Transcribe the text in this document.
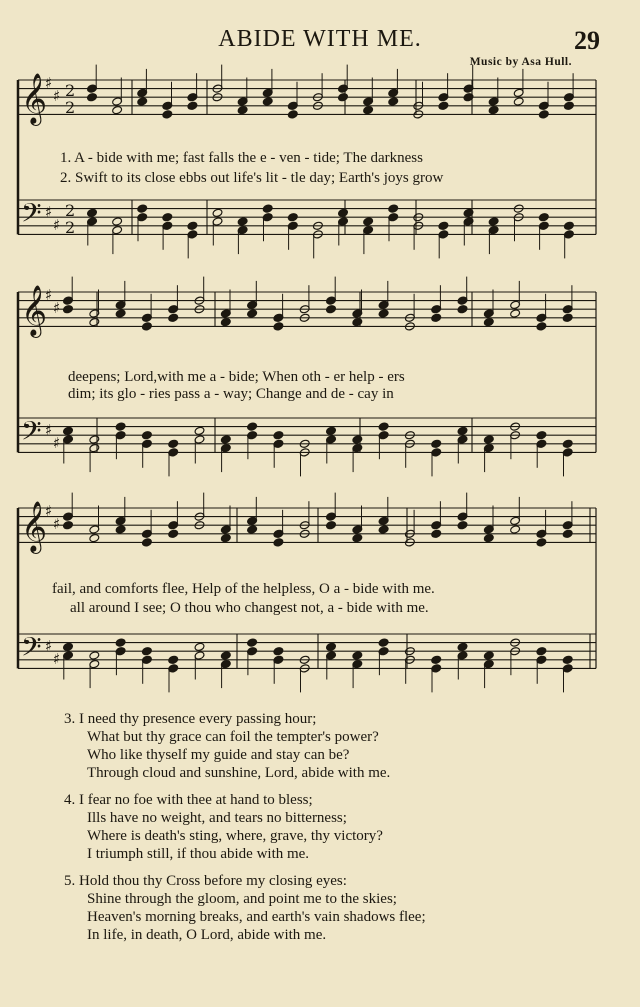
ABIDE WITH ME.	29
Music by Asa Hull.
𝄞
𝄢
♯
♯
♯
♯
2
2
2
2
𝄞
𝄢
♯
♯
♯
♯
𝄞
𝄢
♯
♯
♯
♯
1. A - bide with me; fast falls the e - ven - tide; The darkness
2. Swift to its close ebbs out life's lit - tle day; Earth's joys grow
deepens; Lord,with me a - bide; When oth - er help - ers
dim; its glo - ries pass a - way; Change and de - cay in
fail, and comforts flee, Help of the helpless, O a - bide with me.
all around I see; O thou who changest not, a - bide with me.
3. I need thy presence every passing hour;
What but thy grace can foil the tempter's power?
Who like thyself my guide and stay can be?
Through cloud and sunshine, Lord, abide with me.
4. I fear no foe with thee at hand to bless;
Ills have no weight, and tears no bitterness;
Where is death's sting, where, grave, thy victory?
I triumph still, if thou abide with me.
5. Hold thou thy Cross before my closing eyes:
Shine through the gloom, and point me to the skies;
Heaven's morning breaks, and earth's vain shadows flee;
In life, in death, O Lord, abide with me.
